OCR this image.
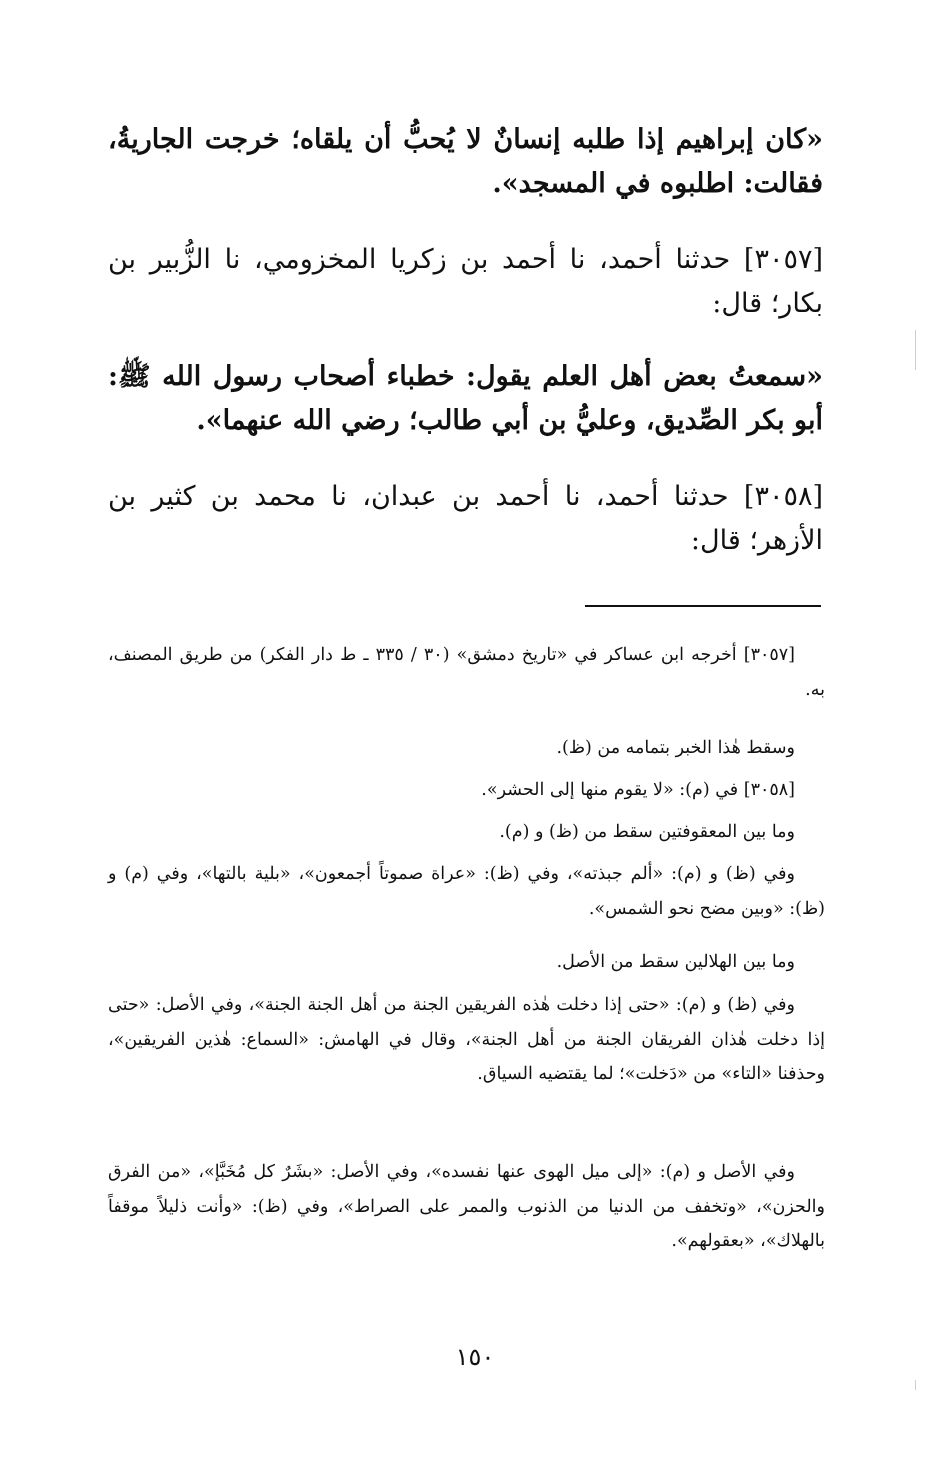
«كان إبراهيم إذا طلبه إنسانٌ لا يُحبُّ أن يلقاه؛ خرجت الجاريةُ، فقالت: اطلبوه في المسجد».

[٣٠٥٧] حدثنا أحمد، نا أحمد بن زكريا المخزومي، نا الزُّبير بن بكار؛ قال:

«سمعتُ بعض أهل العلم يقول: خطباء أصحاب رسول الله ﷺ: أبو بكر الصِّديق، وعليُّ بن أبي طالب؛ رضي الله عنهما».

[٣٠٥٨] حدثنا أحمد، نا أحمد بن عبدان، نا محمد بن كثير بن الأزهر؛ قال:

[٣٠٥٧] أخرجه ابن عساكر في «تاريخ دمشق» (٣٠ / ٣٣٥ ـ ط دار الفكر) من طريق المصنف، به.

وسقط هٰذا الخبر بتمامه من (ظ).

[٣٠٥٨] في (م): «لا يقوم منها إلى الحشر».

وما بين المعقوفتين سقط من (ظ) و (م).

وفي (ظ) و (م): «ألم جبذته»، وفي (ظ): «عراة صموتاً أجمعون»، «بلية بالتها»، وفي (م) و (ظ): «وبين مضح نحو الشمس».

وما بين الهلالين سقط من الأصل.

وفي (ظ) و (م): «حتى إذا دخلت هٰذه الفريقين الجنة من أهل الجنة الجنة»، وفي الأصل: «حتى إذا دخلت هٰذان الفريقان الجنة من أهل الجنة»، وقال في الهامش: «السماع: هٰذين الفريقين»، وحذفنا «التاء» من «دَخلت»؛ لما يقتضيه السياق.

وفي الأصل و (م): «إلى ميل الهوى عنها نفسده»، وفي الأصل: «بشَرٌ كل مُخَبَّإ»، «من الفرق والحزن»، «وتخفف من الدنيا من الذنوب والممر على الصراط»، وفي (ظ): «وأنت ذليلاً موقفاً بالهلاك»، «بعقولهم».

١٥٠
